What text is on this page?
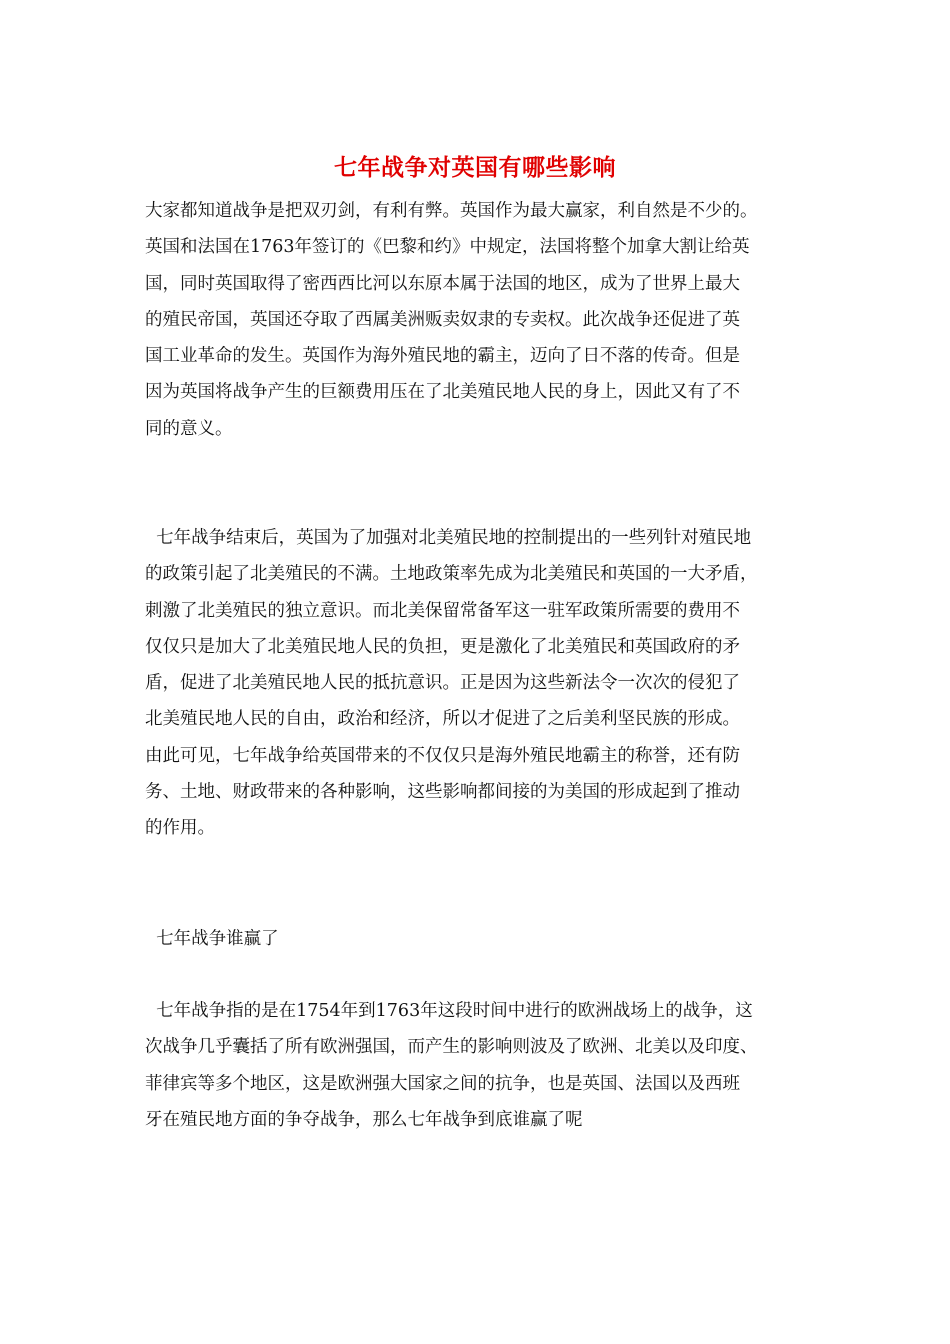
七年战争对英国有哪些影响
大家都知道战争是把双刃剑，有利有弊。英国作为最大赢家，利自然是不少的。
英国和法国在1763年签订的《巴黎和约》中规定，法国将整个加拿大割让给英
国，同时英国取得了密西西比河以东原本属于法国的地区，成为了世界上最大
的殖民帝国，英国还夺取了西属美洲贩卖奴隶的专卖权。此次战争还促进了英
国工业革命的发生。英国作为海外殖民地的霸主，迈向了日不落的传奇。但是
因为英国将战争产生的巨额费用压在了北美殖民地人民的身上，因此又有了不
同的意义。
七年战争结束后，英国为了加强对北美殖民地的控制提出的一些列针对殖民地
的政策引起了北美殖民的不满。土地政策率先成为北美殖民和英国的一大矛盾，
刺激了北美殖民的独立意识。而北美保留常备军这一驻军政策所需要的费用不
仅仅只是加大了北美殖民地人民的负担，更是激化了北美殖民和英国政府的矛
盾，促进了北美殖民地人民的抵抗意识。正是因为这些新法令一次次的侵犯了
北美殖民地人民的自由，政治和经济，所以才促进了之后美利坚民族的形成。
由此可见，七年战争给英国带来的不仅仅只是海外殖民地霸主的称誉，还有防
务、土地、财政带来的各种影响，这些影响都间接的为美国的形成起到了推动
的作用。
七年战争谁赢了
七年战争指的是在1754年到1763年这段时间中进行的欧洲战场上的战争，这
次战争几乎囊括了所有欧洲强国，而产生的影响则波及了欧洲、北美以及印度、
菲律宾等多个地区，这是欧洲强大国家之间的抗争，也是英国、法国以及西班
牙在殖民地方面的争夺战争，那么七年战争到底谁赢了呢
